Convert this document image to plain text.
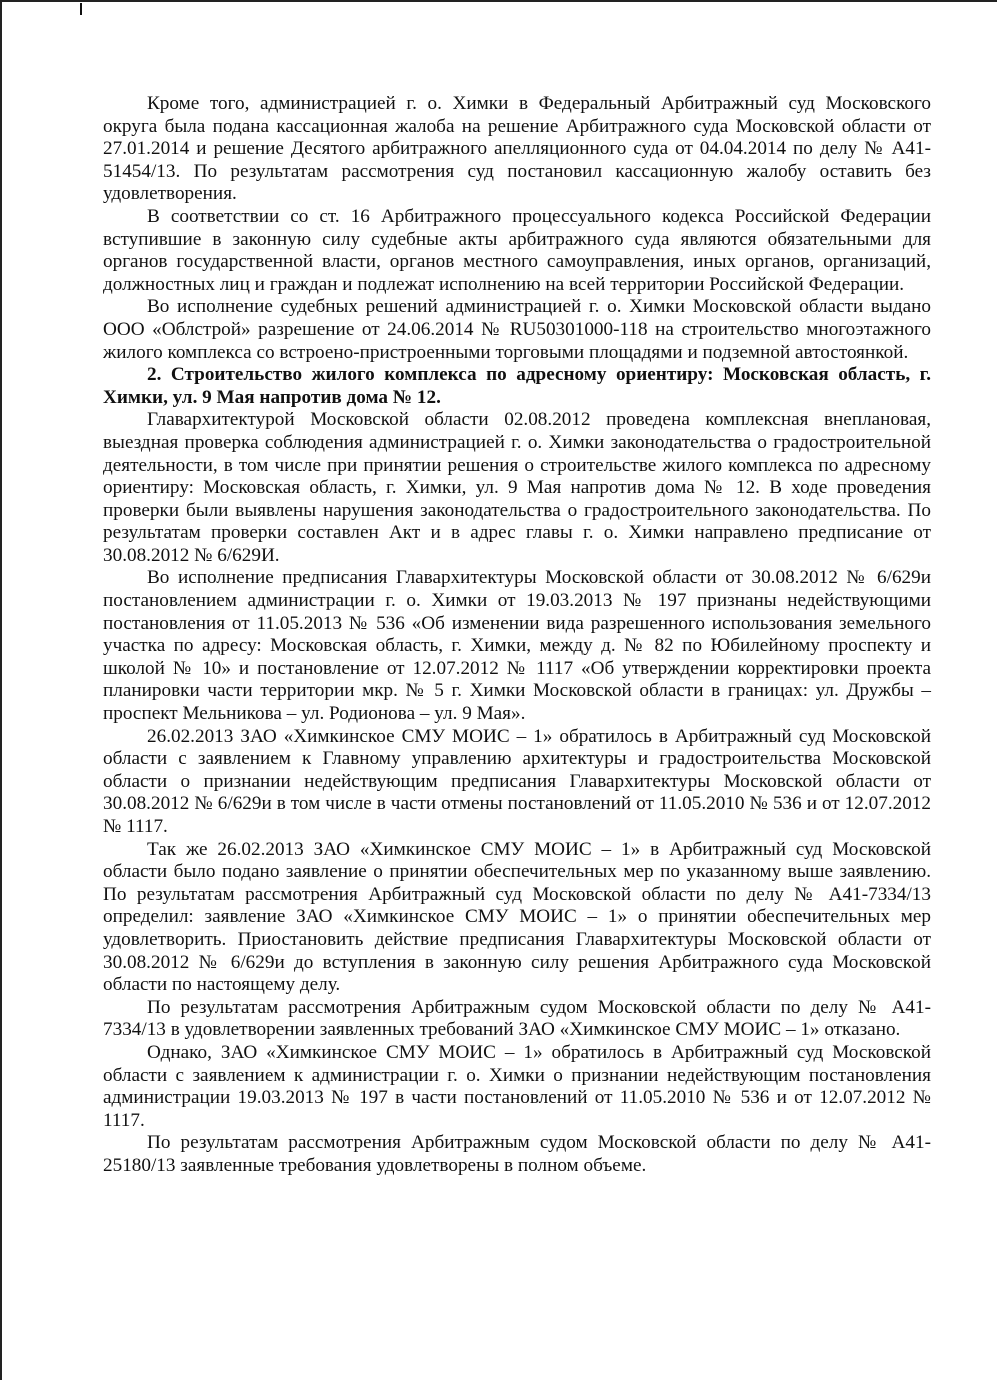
Кроме того, администрацией г. о. Химки в Федеральный Арбитражный суд Московского округа была подана кассационная жалоба на решение Арбитражного суда Московской области от 27.01.2014 и решение Десятого арбитражного апелляционного суда от 04.04.2014 по делу № А41-51454/13. По результатам рассмотрения суд постановил кассационную жалобу оставить без удовлетворения.

В соответствии со ст. 16 Арбитражного процессуального кодекса Российской Федерации вступившие в законную силу судебные акты арбитражного суда являются обязательными для органов государственной власти, органов местного самоуправления, иных органов, организаций, должностных лиц и граждан и подлежат исполнению на всей территории Российской Федерации.

Во исполнение судебных решений администрацией г. о. Химки Московской области выдано ООО «Облстрой» разрешение от 24.06.2014 № RU50301000-118 на строительство многоэтажного жилого комплекса со встроено-пристроенными торговыми площадями и подземной автостоянкой.

2. Строительство жилого комплекса по адресному ориентиру: Московская область, г. Химки, ул. 9 Мая напротив дома № 12.

Главархитектурой Московской области 02.08.2012 проведена комплексная внеплановая, выездная проверка соблюдения администрацией г. о. Химки законодательства о градостроительной деятельности, в том числе при принятии решения о строительстве жилого комплекса по адресному ориентиру: Московская область, г. Химки, ул. 9 Мая напротив дома № 12. В ходе проведения проверки были выявлены нарушения законодательства о градостроительного законодательства. По результатам проверки составлен Акт и в адрес главы г. о. Химки направлено предписание от 30.08.2012 № 6/629И.

Во исполнение предписания Главархитектуры Московской области от 30.08.2012 № 6/629и постановлением администрации г. о. Химки от 19.03.2013 № 197 признаны недействующими постановления от 11.05.2013 № 536 «Об изменении вида разрешенного использования земельного участка по адресу: Московская область, г. Химки, между д. № 82 по Юбилейному проспекту и школой № 10» и постановление от 12.07.2012 № 1117 «Об утверждении корректировки проекта планировки части территории мкр. № 5 г. Химки Московской области в границах: ул. Дружбы – проспект Мельникова – ул. Родионова – ул. 9 Мая».

26.02.2013 ЗАО «Химкинское СМУ МОИС – 1» обратилось в Арбитражный суд Московской области с заявлением к Главному управлению архитектуры и градостроительства Московской области о признании недействующим предписания Главархитектуры Московской области от 30.08.2012 № 6/629и в том числе в части отмены постановлений от 11.05.2010 № 536 и от 12.07.2012 № 1117.

Так же 26.02.2013 ЗАО «Химкинское СМУ МОИС – 1» в Арбитражный суд Московской области было подано заявление о принятии обеспечительных мер по указанному выше заявлению. По результатам рассмотрения Арбитражный суд Московской области по делу № А41-7334/13 определил: заявление ЗАО «Химкинское СМУ МОИС – 1» о принятии обеспечительных мер удовлетворить. Приостановить действие предписания Главархитектуры Московской области от 30.08.2012 № 6/629и до вступления в законную силу решения Арбитражного суда Московской области по настоящему делу.

По результатам рассмотрения Арбитражным судом Московской области по делу № А41-7334/13 в удовлетворении заявленных требований ЗАО «Химкинское СМУ МОИС – 1» отказано.

Однако, ЗАО «Химкинское СМУ МОИС – 1» обратилось в Арбитражный суд Московской области с заявлением к администрации г. о. Химки о признании недействующим постановления администрации 19.03.2013 № 197 в части постановлений от 11.05.2010 № 536 и от 12.07.2012 № 1117.

По результатам рассмотрения Арбитражным судом Московской области по делу № А41-25180/13 заявленные требования удовлетворены в полном объеме.
